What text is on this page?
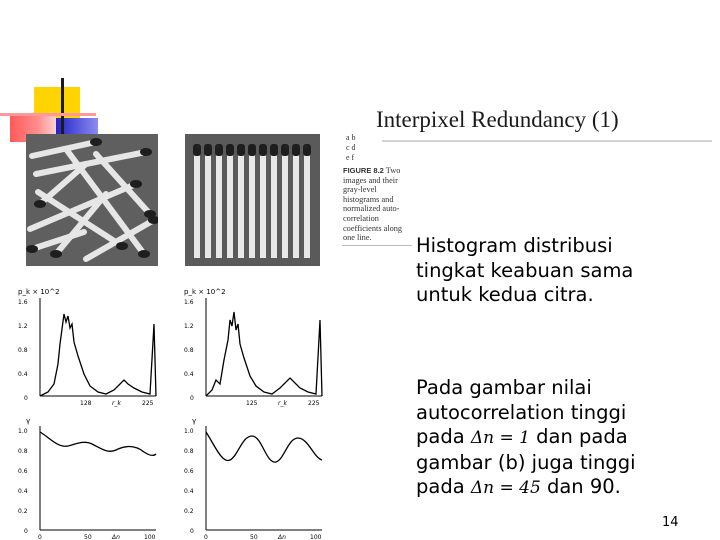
Interpixel Redundancy (1)
p_k × 10^2
1.6
1.2
0.8
0.4
0
128	r_k	225
p_k × 10^2
1.6
1.2
0.8
0.4
0
125	r_k	225
γ
1.0
0.8
0.6
0.4
0.2
0
0	50	Δn	100
γ
1.0
0.8
0.6
0.4
0.2
0
0	50	Δn	100
a b
c d
e f
FIGURE 8.2 Two images and their gray-level histograms and normalized auto-correlation coefficients along one line.	Histogram distribusi tingkat keabuan sama untuk kedua citra.
Pada gambar nilai
autocorrelation tinggi
pada Δn = 1 dan pada
gambar (b) juga tinggi
pada Δn = 45 dan 90.
14
